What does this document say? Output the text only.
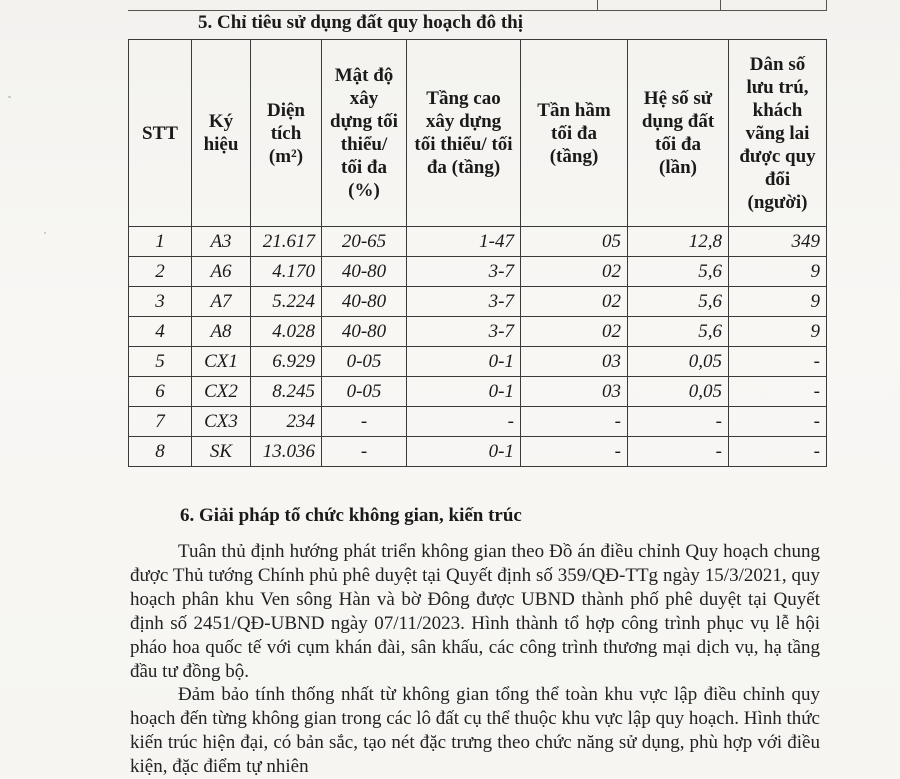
5. Chỉ tiêu sử dụng đất quy hoạch đô thị
STT	Ký hiệu	Diện tích (m²)	Mật độ xây dựng tối thiểu/ tối đa (%)	Tầng cao xây dựng tối thiểu/ tối đa (tầng)	Tần hầm tối đa (tầng)	Hệ số sử dụng đất tối đa (lần)	Dân số lưu trú, khách vãng lai được quy đổi (người)
1	A3	21.617	20-65	1-47	05	12,8	349
2	A6	4.170	40-80	3-7	02	5,6	9
3	A7	5.224	40-80	3-7	02	5,6	9
4	A8	4.028	40-80	3-7	02	5,6	9
5	CX1	6.929	0-05	0-1	03	0,05	-
6	CX2	8.245	0-05	0-1	03	0,05	-
7	CX3	234	-	-	-	-	-
8	SK	13.036	-	0-1	-	-	-
6. Giải pháp tổ chức không gian, kiến trúc
Tuân thủ định hướng phát triển không gian theo Đồ án điều chỉnh Quy hoạch chung được Thủ tướng Chính phủ phê duyệt tại Quyết định số 359/QĐ-TTg ngày 15/3/2021, quy hoạch phân khu Ven sông Hàn và bờ Đông được UBND thành phố phê duyệt tại Quyết định số 2451/QĐ-UBND ngày 07/11/2023. Hình thành tổ hợp công trình phục vụ lễ hội pháo hoa quốc tế với cụm khán đài, sân khấu, các công trình thương mại dịch vụ, hạ tầng đầu tư đồng bộ.
Đảm bảo tính thống nhất từ không gian tổng thể toàn khu vực lập điều chỉnh quy hoạch đến từng không gian trong các lô đất cụ thể thuộc khu vực lập quy hoạch. Hình thức kiến trúc hiện đại, có bản sắc, tạo nét đặc trưng theo chức năng sử dụng, phù hợp với điều kiện, đặc điểm tự nhiên
